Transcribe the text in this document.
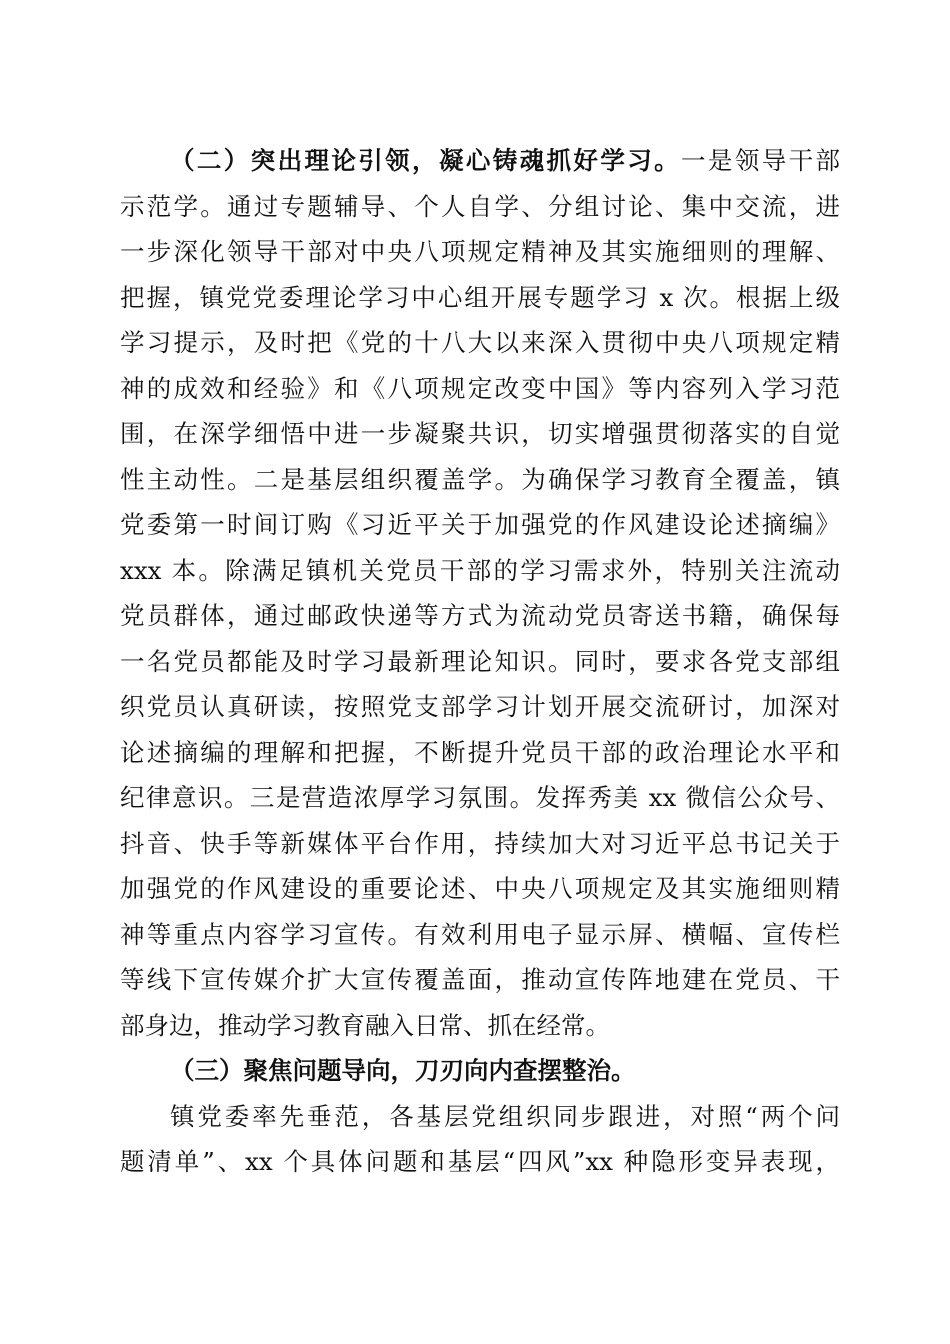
（二）突出理论引领，凝心铸魂抓好学习。一是领导干部
示范学。通过专题辅导、个人自学、分组讨论、集中交流，进
一步深化领导干部对中央八项规定精神及其实施细则的理解、
把握，镇党党委理论学习中心组开展专题学习 x 次。根据上级
学习提示，及时把《党的十八大以来深入贯彻中央八项规定精
神的成效和经验》和《八项规定改变中国》等内容列入学习范
围，在深学细悟中进一步凝聚共识，切实增强贯彻落实的自觉
性主动性。二是基层组织覆盖学。为确保学习教育全覆盖，镇
党委第一时间订购《习近平关于加强党的作风建设论述摘编》
xxx 本。除满足镇机关党员干部的学习需求外，特别关注流动
党员群体，通过邮政快递等方式为流动党员寄送书籍，确保每
一名党员都能及时学习最新理论知识。同时，要求各党支部组
织党员认真研读，按照党支部学习计划开展交流研讨，加深对
论述摘编的理解和把握，不断提升党员干部的政治理论水平和
纪律意识。三是营造浓厚学习氛围。发挥秀美 xx 微信公众号、
抖音、快手等新媒体平台作用，持续加大对习近平总书记关于
加强党的作风建设的重要论述、中央八项规定及其实施细则精
神等重点内容学习宣传。有效利用电子显示屏、横幅、宣传栏
等线下宣传媒介扩大宣传覆盖面，推动宣传阵地建在党员、干
部身边，推动学习教育融入日常、抓在经常。
（三）聚焦问题导向，刀刃向内查摆整治。
镇党委率先垂范，各基层党组织同步跟进，对照“两个问
题清单”、xx 个具体问题和基层“四风”xx 种隐形变异表现，
